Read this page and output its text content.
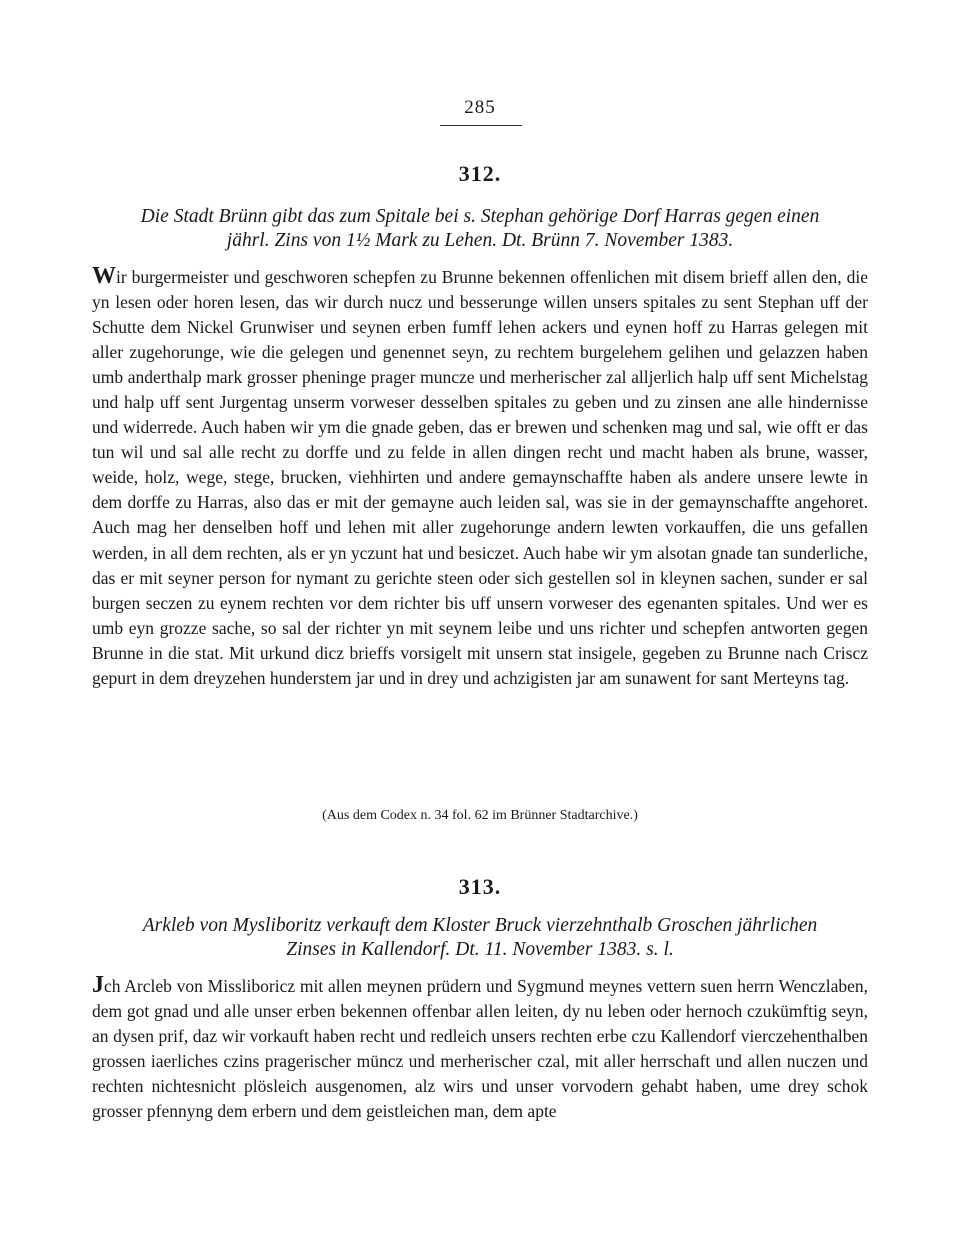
285
312.
Die Stadt Brünn gibt das zum Spitale bei s. Stephan gehörige Dorf Harras gegen einen
jährl. Zins von 1½ Mark zu Lehen. Dt. Brünn 7. November 1383.

Wir burgermeister und geschworen schepfen zu Brunne bekennen offenlichen mit disem brieff allen den, die yn lesen oder horen lesen, das wir durch nucz und besserunge willen unsers spitales zu sent Stephan uff der Schutte dem Nickel Grunwiser und seynen erben fumff lehen ackers und eynen hoff zu Harras gelegen mit aller zugehorunge, wie die gelegen und genennet seyn, zu rechtem burgelehem gelihen und gelazzen haben umb anderthalp mark grosser pheninge prager muncze und merherischer zal alljerlich halp uff sent Michelstag und halp uff sent Jurgentag unserm vorweser desselben spitales zu geben und zu zinsen ane alle hindernisse und widerrede. Auch haben wir ym die gnade geben, das er brewen und schenken mag und sal, wie offt er das tun wil und sal alle recht zu dorffe und zu felde in allen dingen recht und macht haben als brune, wasser, weide, holz, wege, stege, brucken, viehhirten und andere gemaynschaffte haben als andere unsere lewte in dem dorffe zu Harras, also das er mit der gemayne auch leiden sal, was sie in der gemaynschaffte angehoret. Auch mag her denselben hoff und lehen mit aller zugehorunge andern lewten vorkauffen, die uns gefallen werden, in all dem rechten, als er yn yczunt hat und besiczet. Auch habe wir ym alsotan gnade tan sunderliche, das er mit seyner person for nymant zu gerichte steen oder sich gestellen sol in kleynen sachen, sunder er sal burgen seczen zu eynem rechten vor dem richter bis uff unsern vorweser des egenanten spitales. Und wer es umb eyn grozze sache, so sal der richter yn mit seynem leibe und uns richter und schepfen antworten gegen Brunne in die stat. Mit urkund dicz brieffs vorsigelt mit unsern stat insigele, gegeben zu Brunne nach Criscz gepurt in dem dreyzehen hunderstem jar und in drey und achzigisten jar am sunawent for sant Merteyns tag.

(Aus dem Codex n. 34 fol. 62 im Brünner Stadtarchive.)
313.
Arkleb von Mysliboritz verkauft dem Kloster Bruck vierzehnthalb Groschen jährlichen
Zinses in Kallendorf. Dt. 11. November 1383. s. l.

Jch Arcleb von Missliboricz mit allen meynen prüdern und Sygmund meynes vettern suen herrn Wenczlaben, dem got gnad und alle unser erben bekennen offenbar allen leiten, dy nu leben oder hernoch czukümftig seyn, an dysen prif, daz wir vorkauft haben recht und redleich unsers rechten erbe czu Kallendorf vierczehenthalben grossen iaerliches czins pragerischer müncz und merherischer czal, mit aller herrschaft und allen nuczen und rechten nichtesnicht plösleich ausgenomen, alz wirs und unser vorvodern gehabt haben, ume drey schok grosser pfennyng dem erbern und dem geistleichen man, dem apte
